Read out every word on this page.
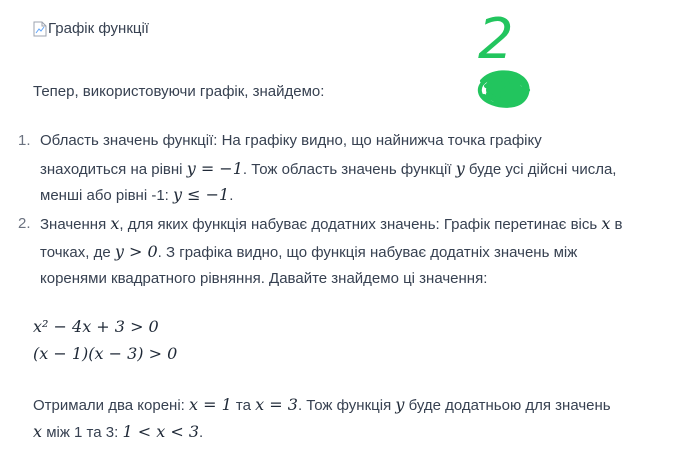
Графік функції	2
Тепер, використовуючи графік, знайдемо:
1. Область значень функції: На графіку видно, що найнижча точка графіку
знаходиться на рівні y = −1. Тож область значень функції y буде усі дійсні числа,
менші або рівні -1: y ≤ −1.
2. Значення x, для яких функція набуває додатних значень: Графік перетинає вісь x в
точках, де y > 0. З графіка видно, що функція набуває додатніх значень між
коренями квадратного рівняння. Давайте знайдемо ці значення:
x² − 4x + 3 > 0
(x − 1)(x − 3) > 0
Отримали два корені: x = 1 та x = 3. Тож функція y буде додатньою для значень
x між 1 та 3: 1 < x < 3.
